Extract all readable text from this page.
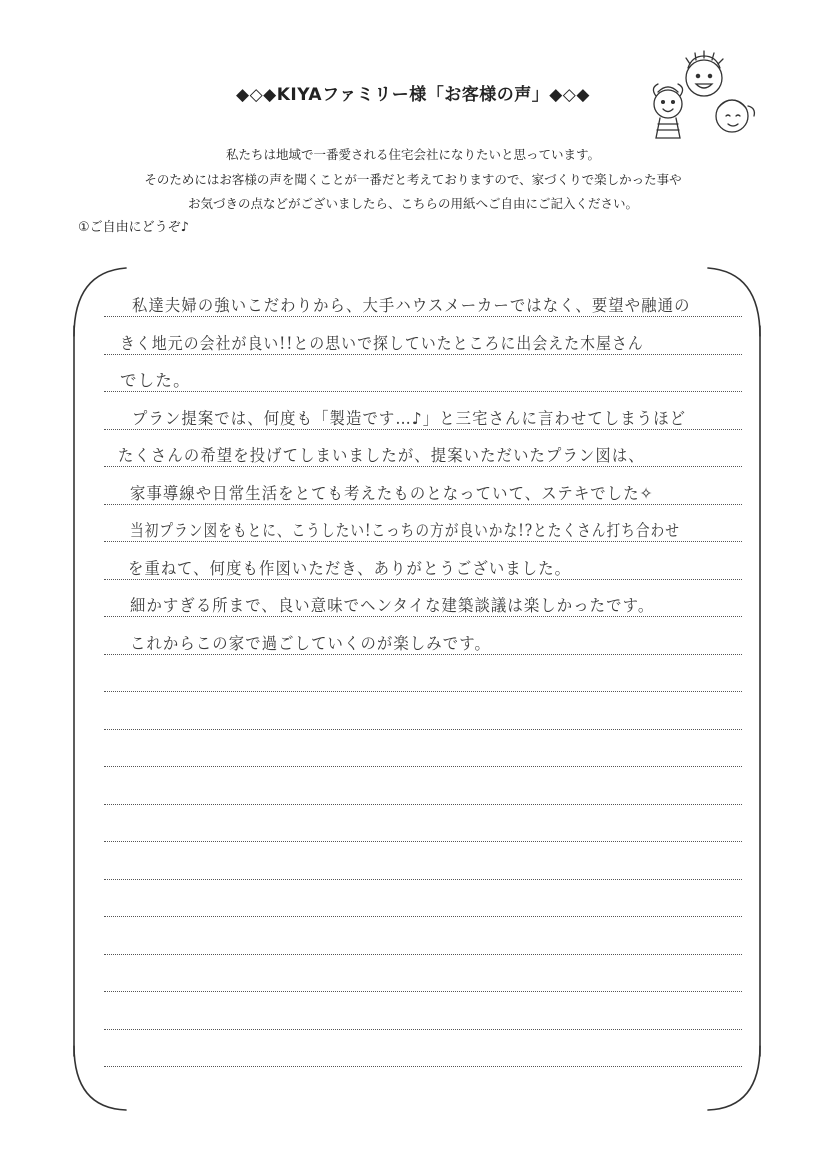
◆◇◆KIYAファミリー様「お客様の声」◆◇◆
私たちは地域で一番愛される住宅会社になりたいと思っています。
そのためにはお客様の声を聞くことが一番だと考えておりますので、家づくりで楽しかった事や
お気づきの点などがございましたら、こちらの用紙へご自由にご記入ください。
①ご自由にどうぞ♪
私達夫婦の強いこだわりから、大手ハウスメーカーではなく、要望や融通の
きく地元の会社が良い!!との思いで探していたところに出会えた木屋さん
でした。
プラン提案では、何度も「製造です…♪」と三宅さんに言わせてしまうほど
たくさんの希望を投げてしまいましたが、提案いただいたプラン図は、
家事導線や日常生活をとても考えたものとなっていて、ステキでした✧
当初プラン図をもとに、こうしたい!こっちの方が良いかな!?とたくさん打ち合わせ
を重ねて、何度も作図いただき、ありがとうございました。
細かすぎる所まで、良い意味でヘンタイな建築談議は楽しかったです。
これからこの家で過ごしていくのが楽しみです。
